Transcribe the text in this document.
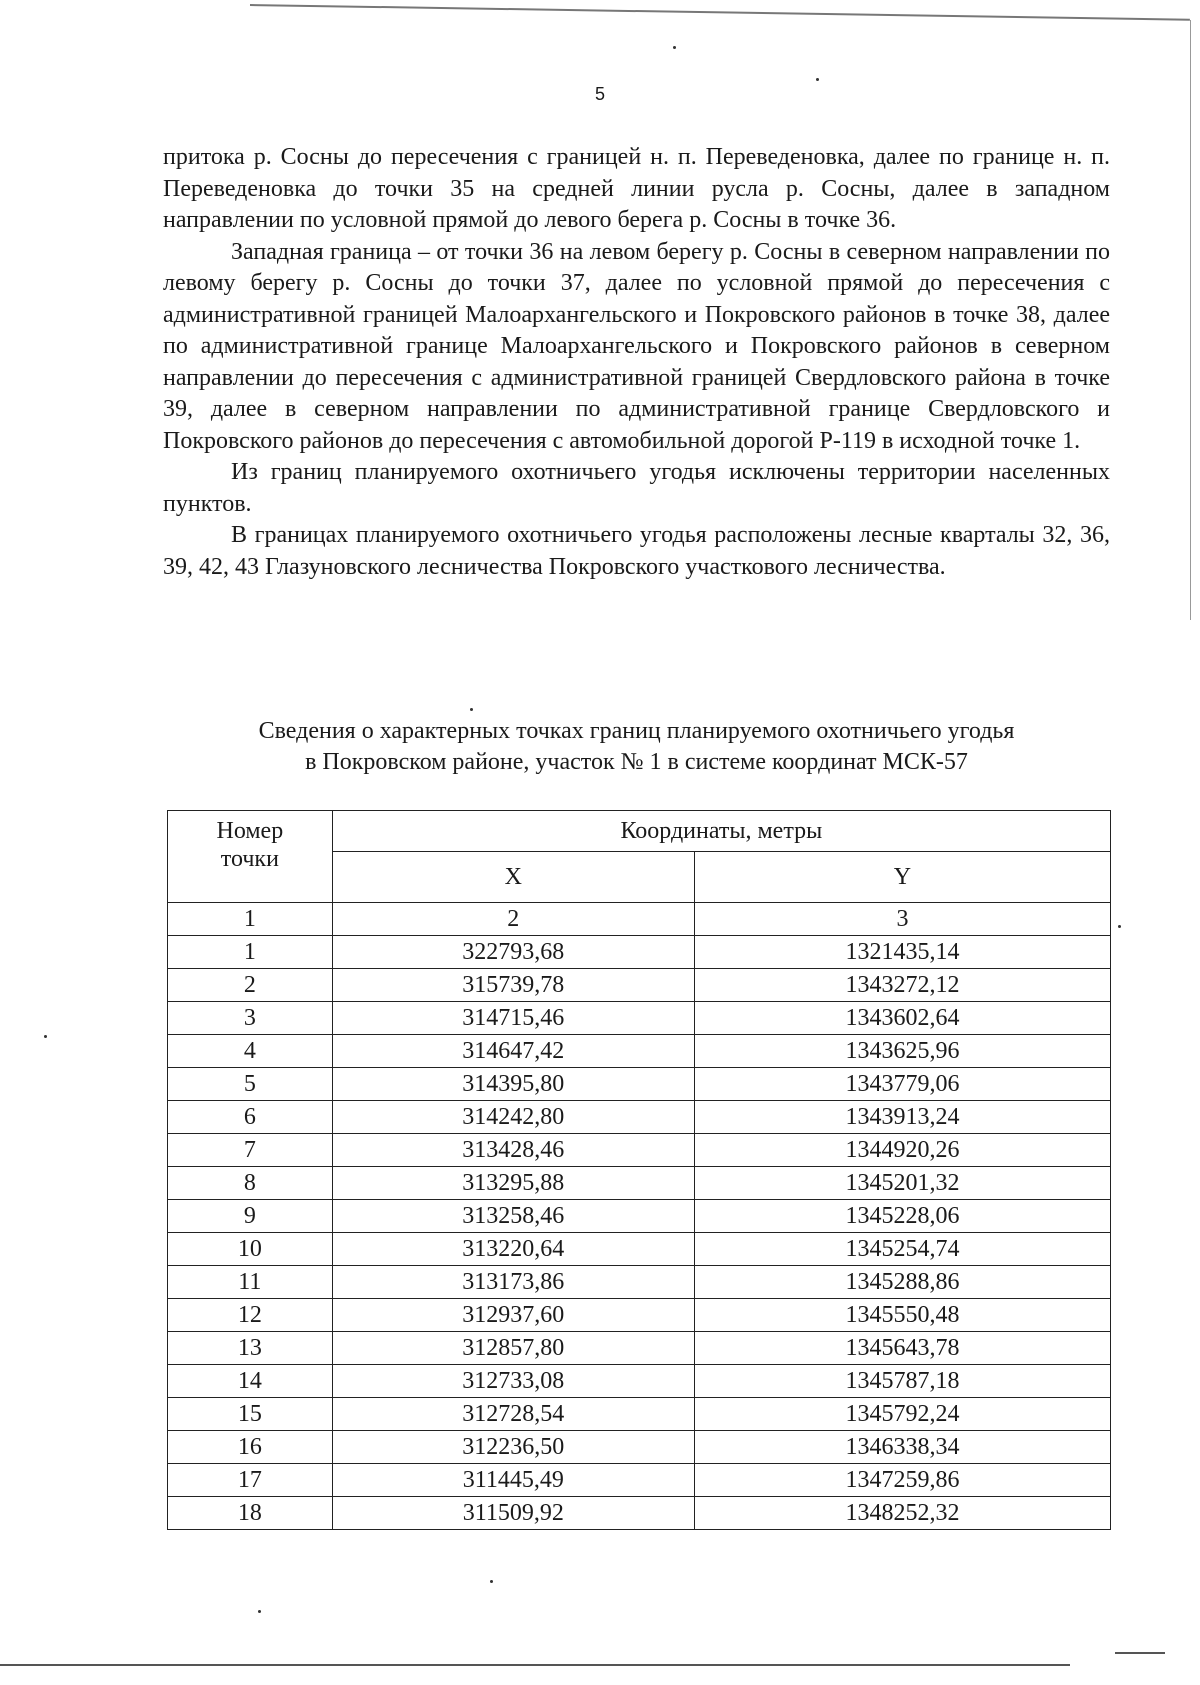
5

притока р. Сосны до пересечения с границей н. п. Переведеновка, далее по границе н. п. Переведеновка до точки 35 на средней линии русла р. Сосны, далее в западном направлении по условной прямой до левого берега р. Сосны в точке 36.

Западная граница – от точки 36 на левом берегу р. Сосны в северном направлении по левому берегу р. Сосны до точки 37, далее по условной прямой до пересечения с административной границей Малоархангельского и Покровского районов в точке 38, далее по административной границе Малоархангельского и Покровского районов в северном направлении до пересечения с административной границей Свердловского района в точке 39, далее в северном направлении по административной границе Свердловского и Покровского районов до пересечения с автомобильной дорогой Р-119 в исходной точке 1.

Из границ планируемого охотничьего угодья исключены территории населенных пунктов.

В границах планируемого охотничьего угодья расположены лесные кварталы 32, 36, 39, 42, 43 Глазуновского лесничества Покровского участкового лесничества.

Сведения о характерных точках границ планируемого охотничьего угодья
в Покровском районе, участок № 1 в системе координат МСК-57
Номер
точки	Координаты, метры	
	X	Y
1	2	3
1	322793,68	1321435,14
2	315739,78	1343272,12
3	314715,46	1343602,64
4	314647,42	1343625,96
5	314395,80	1343779,06
6	314242,80	1343913,24
7	313428,46	1344920,26
8	313295,88	1345201,32
9	313258,46	1345228,06
10	313220,64	1345254,74
11	313173,86	1345288,86
12	312937,60	1345550,48
13	312857,80	1345643,78
14	312733,08	1345787,18
15	312728,54	1345792,24
16	312236,50	1346338,34
17	311445,49	1347259,86
18	311509,92	1348252,32
